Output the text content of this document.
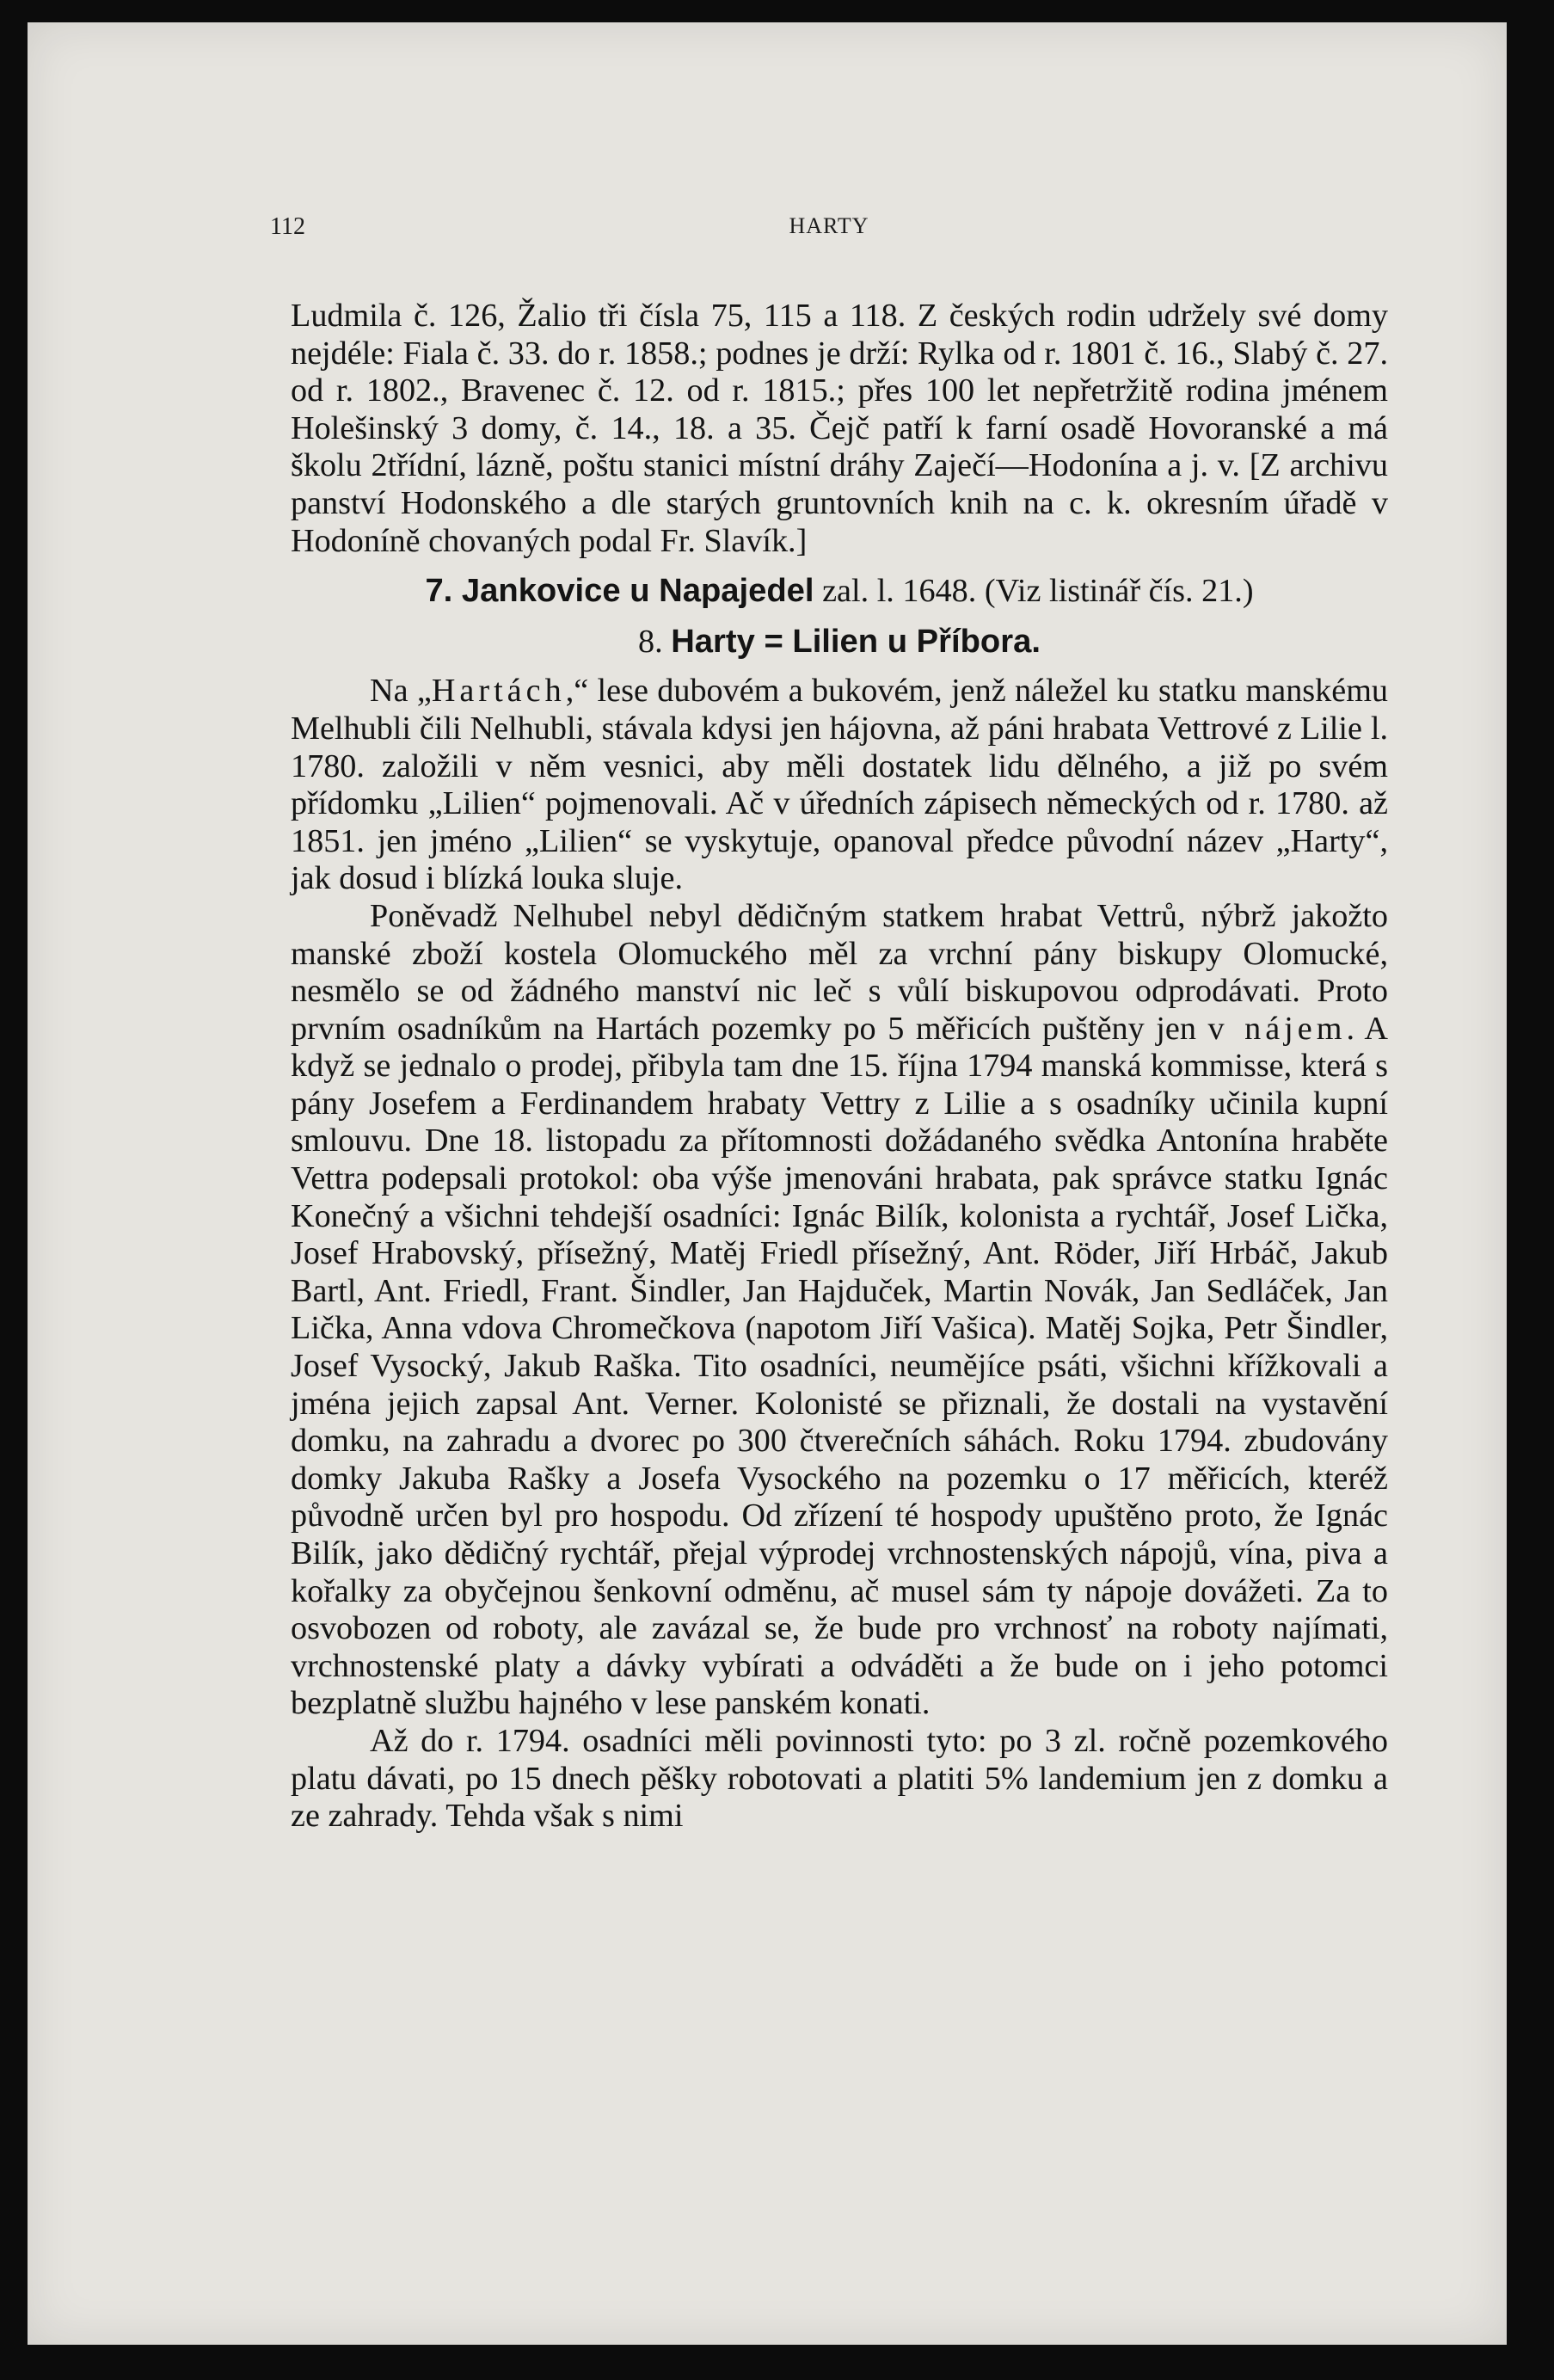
112	HARTY

Ludmila č. 126, Žalio tři čísla 75, 115 a 118. Z českých rodin udržely své domy nejdéle: Fiala č. 33. do r. 1858.; podnes je drží: Rylka od r. 1801 č. 16., Slabý č. 27. od r. 1802., Bravenec č. 12. od r. 1815.; přes 100 let nepřetržitě rodina jménem Holešinský 3 domy, č. 14., 18. a 35. Čejč patří k farní osadě Hovoranské a má školu 2třídní, lázně, poštu stanici místní dráhy Zaječí—Hodonína a j. v. [Z archivu panství Hodonského a dle starých gruntovních knih na c. k. okresním úřadě v Hodoníně chovaných podal Fr. Slavík.]

7. Jankovice u Napajedel zal. l. 1648. (Viz listinář čís. 21.)

8. Harty = Lilien u Příbora.

Na „Hartách,“ lese dubovém a bukovém, jenž náležel ku statku manskému Melhubli čili Nelhubli, stávala kdysi jen hájovna, až páni hrabata Vettrové z Lilie l. 1780. založili v něm vesnici, aby měli dostatek lidu dělného, a již po svém přídomku „Lilien“ pojmenovali. Ač v úředních zápisech německých od r. 1780. až 1851. jen jméno „Lilien“ se vyskytuje, opanoval předce původní název „Harty“, jak dosud i blízká louka sluje.

Poněvadž Nelhubel nebyl dědičným statkem hrabat Vettrů, nýbrž jakožto manské zboží kostela Olomuckého měl za vrchní pány biskupy Olomucké, nesmělo se od žádného manství nic leč s vůlí biskupovou odprodávati. Proto prvním osadníkům na Hartách pozemky po 5 měřicích puštěny jen v nájem. A když se jednalo o prodej, přibyla tam dne 15. října 1794 manská kommisse, která s pány Josefem a Ferdinandem hrabaty Vettry z Lilie a s osadníky učinila kupní smlouvu. Dne 18. listopadu za přítomnosti dožádaného svědka Antonína hraběte Vettra podepsali protokol: oba výše jmenováni hrabata, pak správce statku Ignác Konečný a všichni tehdejší osadníci: Ignác Bilík, kolonista a rychtář, Josef Lička, Josef Hrabovský, přísežný, Matěj Friedl přísežný, Ant. Röder, Jiří Hrbáč, Jakub Bartl, Ant. Friedl, Frant. Šindler, Jan Hajduček, Martin Novák, Jan Sedláček, Jan Lička, Anna vdova Chromečkova (napotom Jiří Vašica). Matěj Sojka, Petr Šindler, Josef Vysocký, Jakub Raška. Tito osadníci, neumějíce psáti, všichni křížkovali a jména jejich zapsal Ant. Verner. Kolonisté se přiznali, že dostali na vystavění domku, na zahradu a dvorec po 300 čtverečních sáhách. Roku 1794. zbudovány domky Jakuba Rašky a Josefa Vysockého na pozemku o 17 měřicích, kteréž původně určen byl pro hospodu. Od zřízení té hospody upuštěno proto, že Ignác Bilík, jako dědičný rychtář, přejal výprodej vrchnostenských nápojů, vína, piva a kořalky za obyčejnou šenkovní odměnu, ač musel sám ty nápoje dovážeti. Za to osvobozen od roboty, ale zavázal se, že bude pro vrchnosť na roboty najímati, vrchnostenské platy a dávky vybírati a odváděti a že bude on i jeho potomci bezplatně službu hajného v lese panském konati.

Až do r. 1794. osadníci měli povinnosti tyto: po 3 zl. ročně pozemkového platu dávati, po 15 dnech pěšky robotovati a platiti 5% landemium jen z domku a ze zahrady. Tehda však s nimi
